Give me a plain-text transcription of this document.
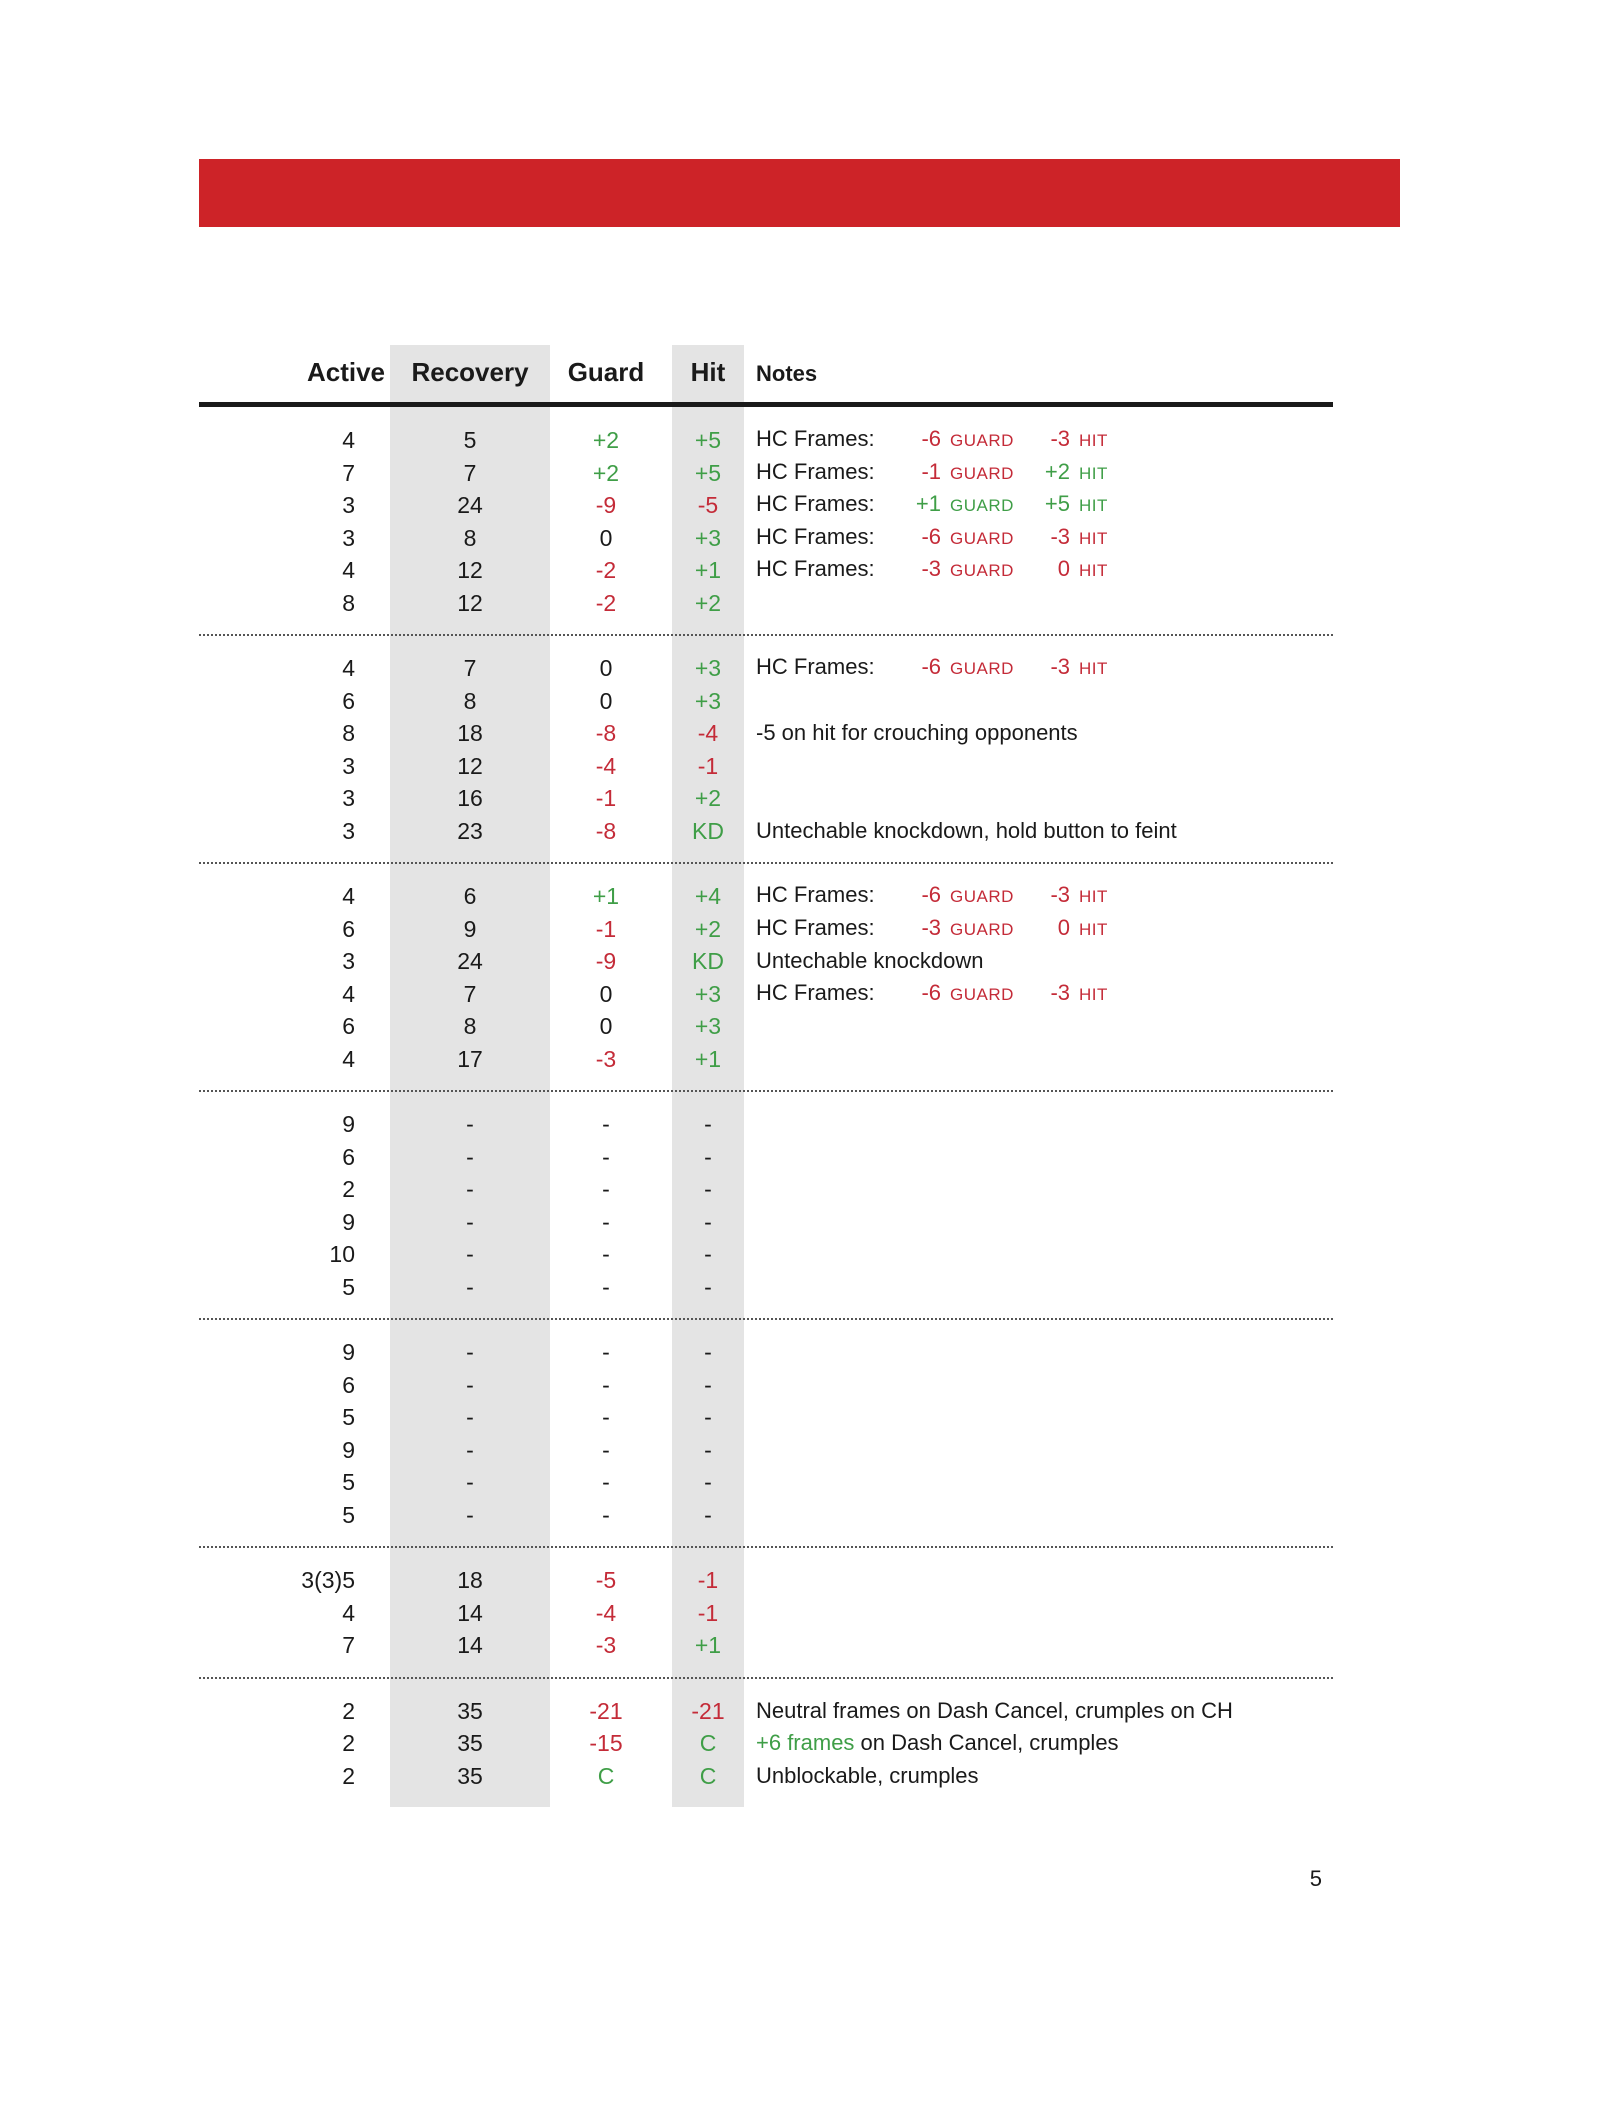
Active	Recovery	Guard	Hit	Notes
4	5	+2	+5	HC Frames:	-6 GUARD	-3 HIT
7	7	+2	+5	HC Frames:	-1 GUARD	+2 HIT
3	24	-9	-5	HC Frames:	+1 GUARD	+5 HIT
3	8	0	+3	HC Frames:	-6 GUARD	-3 HIT
4	12	-2	+1	HC Frames:	-3 GUARD	0 HIT
8	12	-2	+2
4	7	0	+3	HC Frames:	-6 GUARD	-3 HIT
6	8	0	+3
8	18	-8	-4	-5 on hit for crouching opponents
3	12	-4	-1
3	16	-1	+2
3	23	-8	KD	Untechable knockdown, hold button to feint
4	6	+1	+4	HC Frames:	-6 GUARD	-3 HIT
6	9	-1	+2	HC Frames:	-3 GUARD	0 HIT
3	24	-9	KD	Untechable knockdown
4	7	0	+3	HC Frames:	-6 GUARD	-3 HIT
6	8	0	+3
4	17	-3	+1
9	-	-	-
6	-	-	-
2	-	-	-
9	-	-	-
10	-	-	-
5	-	-	-
9	-	-	-
6	-	-	-
5	-	-	-
9	-	-	-
5	-	-	-
5	-	-	-
3(3)5	18	-5	-1
4	14	-4	-1
7	14	-3	+1
2	35	-21	-21	Neutral frames on Dash Cancel, crumples on CH
2	35	-15	C	+6 frames on Dash Cancel, crumples
2	35	C	C	Unblockable, crumples
5
